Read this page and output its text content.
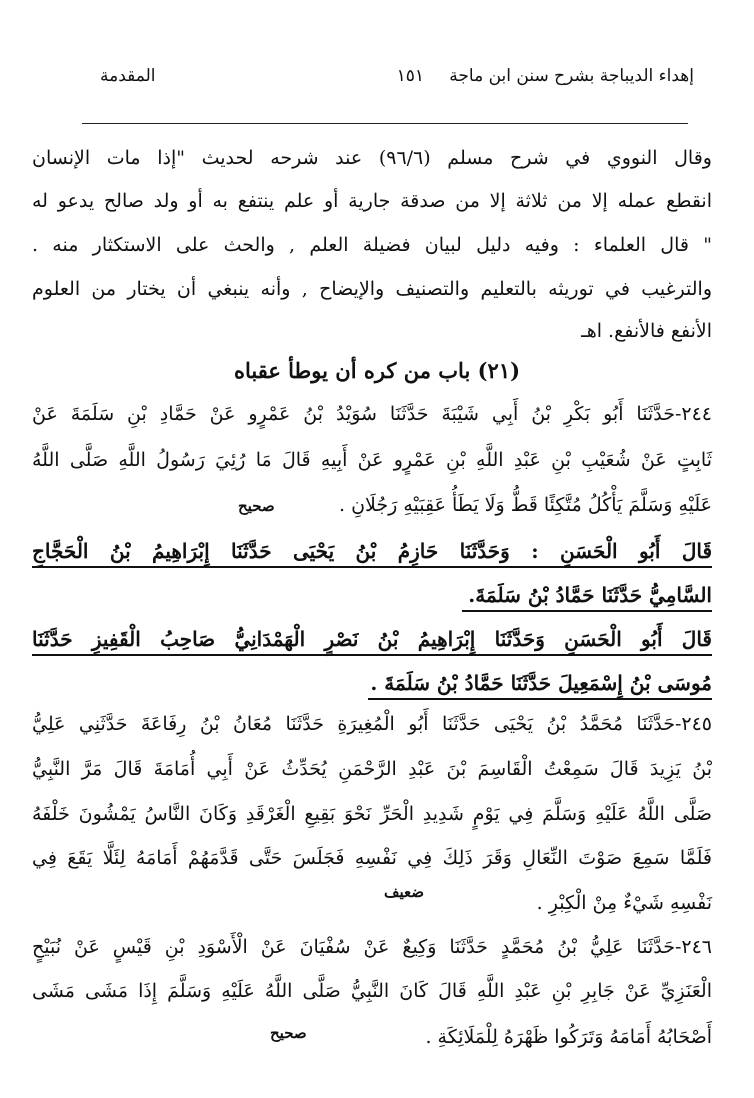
إهداء الديباجة بشرح سنن ابن ماجة
١٥١
المقدمة
وقال النووي في شرح مسلم (٩٦/٦) عند شرحه لحديث "إذا مات الإنسان
انقطع عمله إلا من ثلاثة إلا من صدقة جارية أو علم ينتفع به أو ولد صالح يدعو له
" قال العلماء : وفيه دليل لبيان فضيلة العلم , والحث على الاستكثار منه .
والترغيب في توريثه بالتعليم والتصنيف والإيضاح , وأنه ينبغي أن يختار من العلوم
الأنفع فالأنفع. اهـ
(٢١) باب من كره أن يوطأ عقباه
٢٤٤-حَدَّثَنَا أَبُو بَكْرِ بْنُ أَبِي شَيْبَةَ حَدَّثَنَا سُوَيْدُ بْنُ عَمْرٍو عَنْ حَمَّادِ بْنِ سَلَمَةَ عَنْ
ثَابِتٍ عَنْ شُعَيْبِ بْنِ عَبْدِ اللَّهِ بْنِ عَمْرٍو عَنْ أَبِيهِ قَالَ مَا رُئِيَ رَسُولُ اللَّهِ صَلَّى اللَّهُ
عَلَيْهِ وَسَلَّمَ يَأْكُلُ مُتَّكِئًا قَطُّ وَلَا يَطَأُ عَقِبَيْهِ رَجُلَانِ .
صحيح
قَالَ أَبُو الْحَسَنِ : وَحَدَّثَنَا حَازِمُ بْنُ يَحْيَى حَدَّثَنَا إِبْرَاهِيمُ بْنُ الْحَجَّاجِ
السَّامِيُّ حَدَّثَنَا حَمَّادُ بْنُ سَلَمَةَ.
قَالَ أَبُو الْحَسَنِ وَحَدَّثَنَا إِبْرَاهِيمُ بْنُ نَصْرٍ الْهَمْدَانِيُّ صَاحِبُ الْقَفِيزِ حَدَّثَنَا
مُوسَى بْنُ إِسْمَعِيلَ حَدَّثَنَا حَمَّادُ بْنُ سَلَمَةَ .
٢٤٥-حَدَّثَنَا مُحَمَّدُ بْنُ يَحْيَى حَدَّثَنَا أَبُو الْمُغِيرَةِ حَدَّثَنَا مُعَانُ بْنُ رِفَاعَةَ حَدَّثَنِي عَلِيُّ
بْنُ يَزِيدَ قَالَ سَمِعْتُ الْقَاسِمَ بْنَ عَبْدِ الرَّحْمَنِ يُحَدِّثُ عَنْ أَبِي أُمَامَةَ قَالَ مَرَّ النَّبِيُّ
صَلَّى اللَّهُ عَلَيْهِ وَسَلَّمَ فِي يَوْمٍ شَدِيدِ الْحَرِّ نَحْوَ بَقِيعِ الْغَرْقَدِ وَكَانَ النَّاسُ يَمْشُونَ خَلْفَهُ
فَلَمَّا سَمِعَ صَوْتَ النِّعَالِ وَقَرَ ذَلِكَ فِي نَفْسِهِ فَجَلَسَ حَتَّى قَدَّمَهُمْ أَمَامَهُ لِئَلَّا يَقَعَ فِي
نَفْسِهِ شَيْءٌ مِنْ الْكِبْرِ .
ضعيف
٢٤٦-حَدَّثَنَا عَلِيُّ بْنُ مُحَمَّدٍ حَدَّثَنَا وَكِيعٌ عَنْ سُفْيَانَ عَنْ الْأَسْوَدِ بْنِ قَيْسٍ عَنْ نُبَيْحٍ
الْعَنَزِيِّ عَنْ جَابِرِ بْنِ عَبْدِ اللَّهِ قَالَ كَانَ النَّبِيُّ صَلَّى اللَّهُ عَلَيْهِ وَسَلَّمَ إِذَا مَشَى مَشَى
أَصْحَابُهُ أَمَامَهُ وَتَرَكُوا ظَهْرَهُ لِلْمَلَائِكَةِ .
صحيح
